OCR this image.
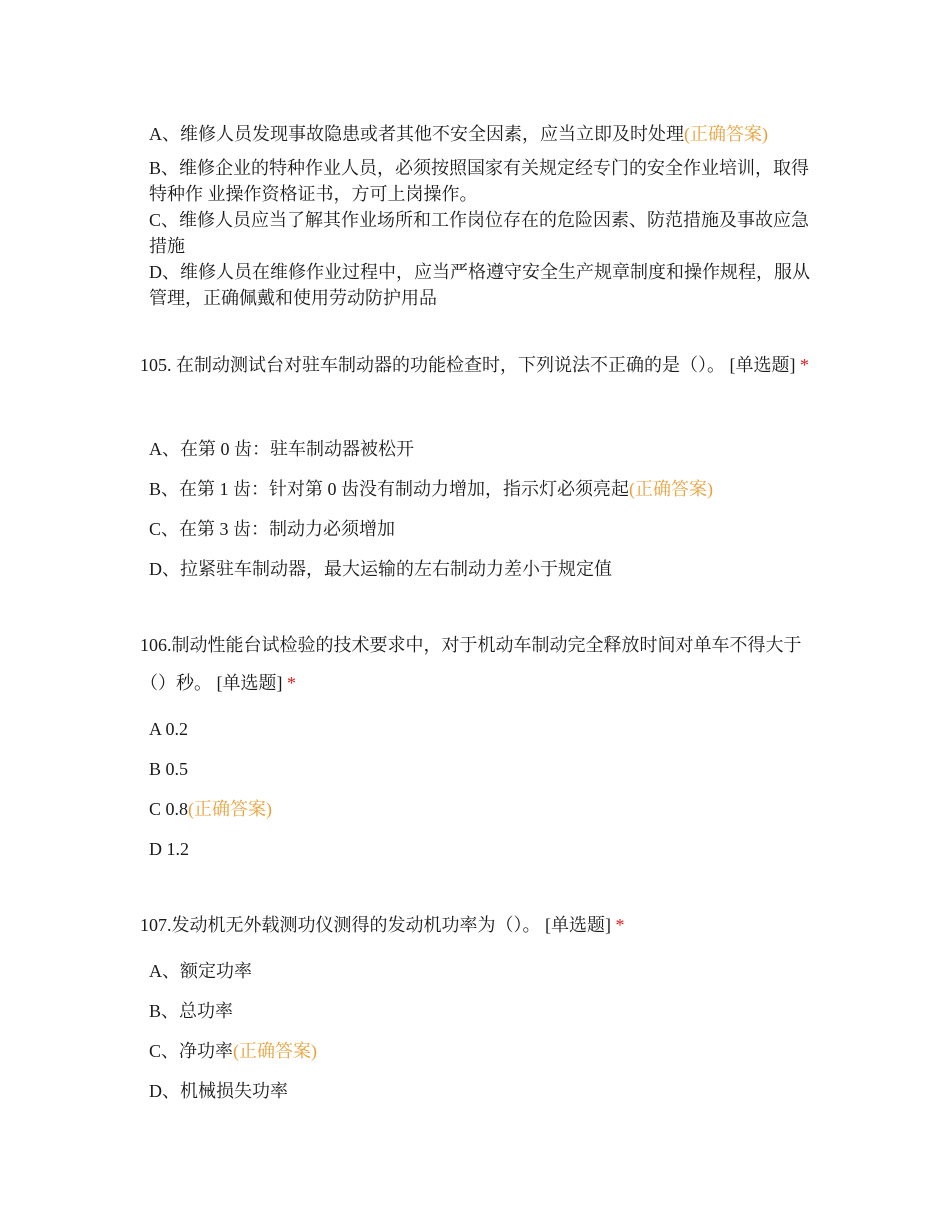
A、维修人员发现事故隐患或者其他不安全因素，应当立即及时处理(正确答案)
B、维修企业的特种作业人员，必须按照国家有关规定经专门的安全作业培训，取得特种作 业操作资格证书，方可上岗操作。
C、维修人员应当了解其作业场所和工作岗位存在的危险因素、防范措施及事故应急措施
D、维修人员在维修作业过程中，应当严格遵守安全生产规章制度和操作规程，服从管理，正确佩戴和使用劳动防护用品
105. 在制动测试台对驻车制动器的功能检查时，下列说法不正确的是（）。 [单选题] *
A、在第 0 齿：驻车制动器被松开
B、在第 1 齿：针对第 0 齿没有制动力增加，指示灯必须亮起(正确答案)
C、在第 3 齿：制动力必须增加
D、拉紧驻车制动器，最大运输的左右制动力差小于规定值
106.制动性能台试检验的技术要求中，对于机动车制动完全释放时间对单车不得大于（）秒。 [单选题] *
A 0.2
B 0.5
C 0.8(正确答案)
D 1.2
107.发动机无外载测功仪测得的发动机功率为（）。 [单选题] *
A、额定功率
B、总功率
C、净功率(正确答案)
D、机械损失功率
